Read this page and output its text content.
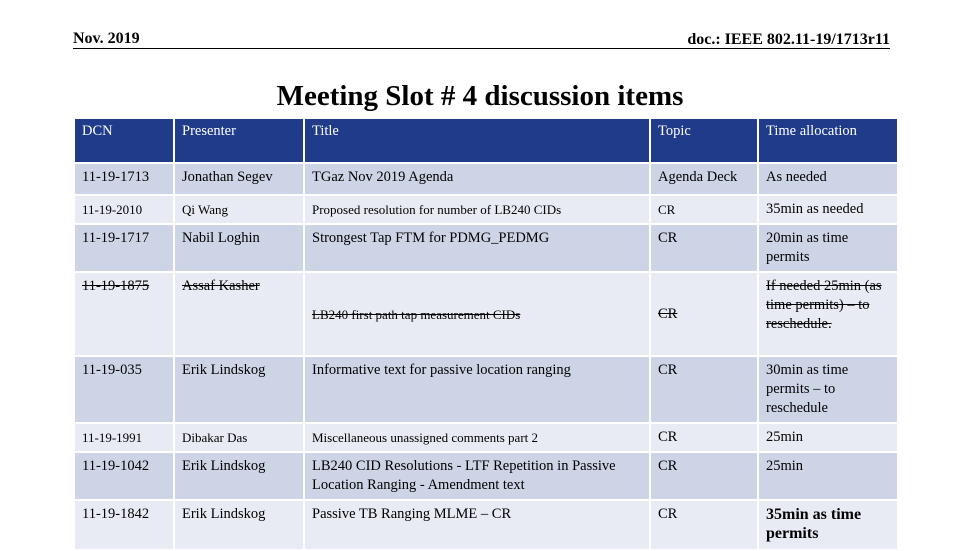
Nov. 2019	doc.: IEEE 802.11-19/1713r11
Meeting Slot # 4 discussion items
DCN	Presenter	Title	Topic	Time allocation
11-19-1713	Jonathan Segev	TGaz Nov 2019 Agenda	Agenda Deck	As needed
11-19-2010	Qi Wang	Proposed resolution for number of LB240 CIDs	CR	35min as needed
11-19-1717	Nabil Loghin	Strongest Tap FTM for PDMG_PEDMG	CR	20min as time permits
11-19-1875	Assaf Kasher	LB240 first path tap measurement CIDs	CR	If needed 25min (as time permits) – to reschedule.
11-19-035	Erik Lindskog	Informative text for passive location ranging	CR	30min as time permits – to reschedule
11-19-1991	Dibakar Das	Miscellaneous unassigned comments part 2	CR	25min
11-19-1042	Erik Lindskog	LB240 CID Resolutions - LTF Repetition in Passive Location Ranging - Amendment text	CR	25min
11-19-1842	Erik Lindskog	Passive TB Ranging MLME – CR	CR	35min as time permits
